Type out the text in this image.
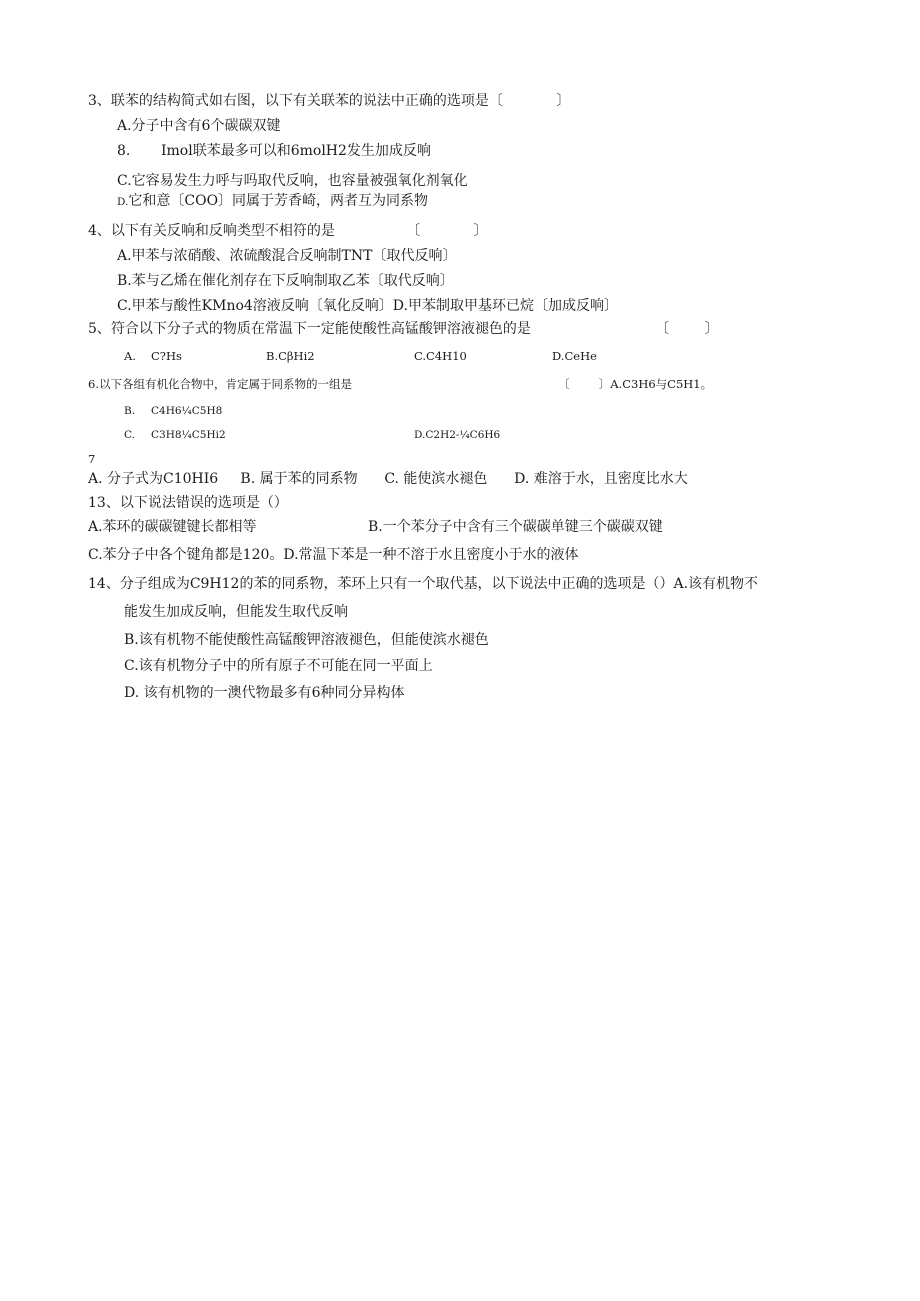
3、联苯的结构简式如右图，以下有关联苯的说法中正确的选项是〔            〕
A.分子中含有6个碳碳双键
8. Imol联苯最多可以和6molH2发生加成反响
C.它容易发生力呼与吗取代反响，也容量被强氧化剂氧化
D.它和意〔COO〕同属于芳香崎，两者互为同系物
4、以下有关反响和反响类型不相符的是                〔            〕
A.甲苯与浓硝酸、浓硫酸混合反响制TNT〔取代反响〕
B.苯与乙烯在催化剂存在下反响制取乙苯〔取代反响〕
C.甲苯与酸性KMno4溶液反响〔氧化反响〕D.甲苯制取甲基环已烷〔加成反响〕
5、符合以下分子式的物质在常温下一定能使酸性高锰酸钾溶液褪色的是	〔        〕
A. C?Hs	B.CβHi2	C.C4H10	D.CeHe
6.以下各组有机化合物中，肯定属于同系物的一组是	〔        〕A.C3H6与C5H1。
B. C4H6¼C5H8
C. C3H8¼C5Hi2	D.C2H2-¼C6H6
7
A. 分子式为C10HI6     B. 属于苯的同系物      C. 能使滨水褪色      D. 难溶于水，且密度比水大
13、以下说法错误的选项是（）
A.苯环的碳碳键键长都相等	B.一个苯分子中含有三个碳碳单键三个碳碳双键
C.苯分子中各个键角都是120。D.常温下苯是一种不溶于水且密度小于水的液体
14、分子组成为C9H12的苯的同系物，苯环上只有一个取代基，以下说法中正确的选项是（）A.该有机物不
能发生加成反响，但能发生取代反响
B.该有机物不能使酸性高锰酸钾溶液褪色，但能使滨水褪色
C.该有机物分子中的所有原子不可能在同一平面上
D. 该有机物的一澳代物最多有6种同分异构体
